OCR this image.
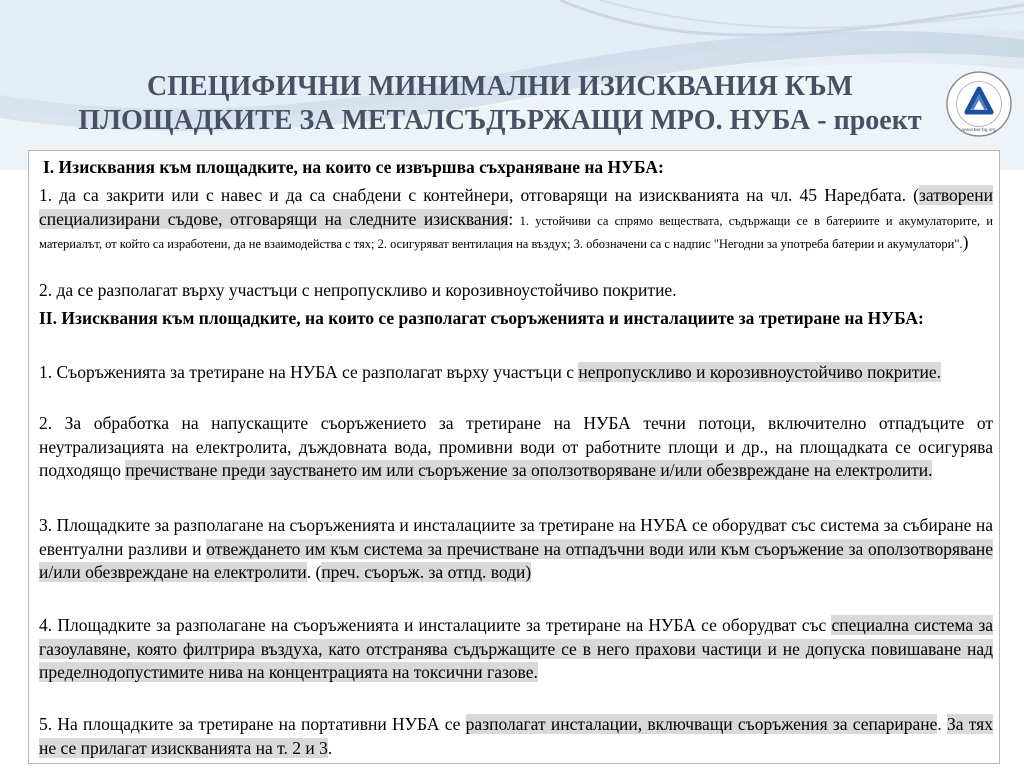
СПЕЦИФИЧНИ МИНИМАЛНИ ИЗИСКВАНИЯ КЪМ
ПЛОЩАДКИТЕ ЗА МЕТАЛСЪДЪРЖАЩИ МРО. НУБА - проект	www.bar-bg.org

I. Изисквания към площадките, на които се извършва съхраняване на НУБА:

1. да са закрити или с навес и да са снабдени с контейнери, отговарящи на изискванията на чл. 45 Наредбата. (затворени специализирани съдове, отговарящи на следните изисквания: 1. устойчиви са спрямо веществата, съдържащи се в батериите и акумулаторите, и материалът, от който са изработени, да не взаимодейства с тях; 2. осигуряват вентилация на въздух; 3. обозначени са с надпис "Негодни за употреба батерии и акумулатори".)

2. да се разполагат върху участъци с непропускливо и корозивноустойчиво покритие.

II. Изисквания към площадките, на които се разполагат съоръженията и инсталациите за третиране на НУБА:

1. Съоръженията за третиране на НУБА се разполагат върху участъци с непропускливо и корозивноустойчиво покритие.

2. За обработка на напускащите съоръжението за третиране на НУБА течни потоци, включително отпадъците от неутрализацията на електролита, дъждовната вода, промивни води от работните площи и др., на площадката се осигурява подходящо пречистване преди заустването им или съоръжение за оползотворяване и/или обезвреждане на електролити.

3. Площадките за разполагане на съоръженията и инсталациите за третиране на НУБА се оборудват със система за събиране на евентуални разливи и отвеждането им към система за пречистване на отпадъчни води или към съоръжение за оползотворяване и/или обезвреждане на електролити. (преч. съоръж. за отпд. води)

4. Площадките за разполагане на съоръженията и инсталациите за третиране на НУБА се оборудват със специална система за газоулавяне, която филтрира въздуха, като отстранява съдържащите се в него прахови частици и не допуска повишаване над пределнодопустимите нива на концентрацията на токсични газове.

5. На площадките за третиране на портативни НУБА се разполагат инсталации, включващи съоръжения за сепариране. За тях не се прилагат изискванията на т. 2 и 3.
